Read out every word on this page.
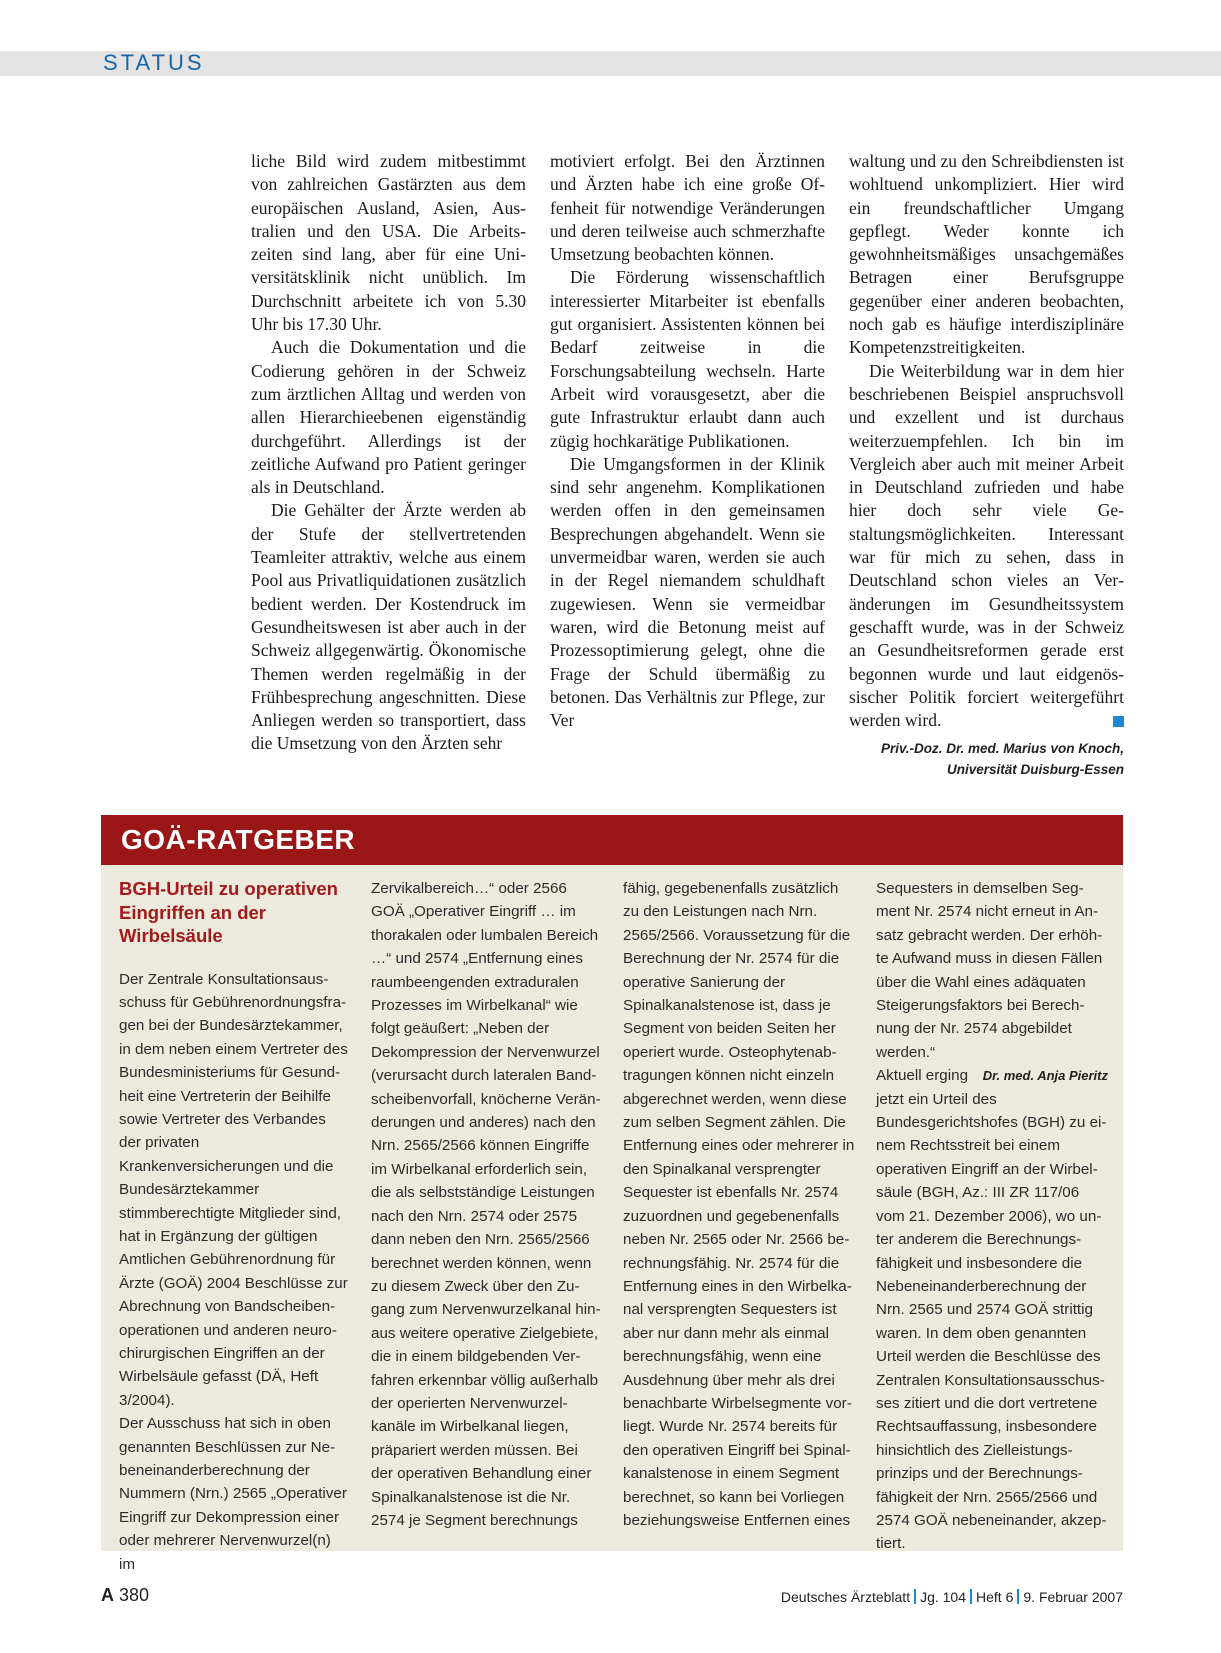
STATUS

liche Bild wird zudem mitbestimmt von zahlreichen Gastärzten aus dem europäischen Ausland, Asien, Australien und den USA. Die Arbeitszeiten sind lang, aber für eine Universitätsklinik nicht unüblich. Im Durchschnitt arbeitete ich von 5.30 Uhr bis 17.30 Uhr.

Auch die Dokumentation und die Codierung gehören in der Schweiz zum ärztlichen Alltag und werden von allen Hierarchieebenen eigenständig durchgeführt. Allerdings ist der zeitliche Aufwand pro Patient geringer als in Deutschland.

Die Gehälter der Ärzte werden ab der Stufe der stellvertretenden Teamleiter attraktiv, welche aus einem Pool aus Privatliquidationen zusätzlich bedient werden. Der Kostendruck im Gesundheitswesen ist aber auch in der Schweiz allgegenwärtig. Ökonomische Themen werden regelmäßig in der Frühbesprechung angeschnitten. Diese Anliegen werden so transportiert, dass die Umsetzung von den Ärzten sehr

motiviert erfolgt. Bei den Ärztinnen und Ärzten habe ich eine große Offenheit für notwendige Veränderungen und deren teilweise auch schmerzhafte Umsetzung beobachten können.

Die Förderung wissenschaftlich interessierter Mitarbeiter ist ebenfalls gut organisiert. Assistenten können bei Bedarf zeitweise in die Forschungsabteilung wechseln. Harte Arbeit wird vorausgesetzt, aber die gute Infrastruktur erlaubt dann auch zügig hochkarätige Publikationen.

Die Umgangsformen in der Klinik sind sehr angenehm. Komplikationen werden offen in den gemeinsamen Besprechungen abgehandelt. Wenn sie unvermeidbar waren, werden sie auch in der Regel niemandem schuldhaft zugewiesen. Wenn sie vermeidbar waren, wird die Betonung meist auf Prozessoptimierung gelegt, ohne die Frage der Schuld übermäßig zu betonen. Das Verhältnis zur Pflege, zur Ver

waltung und zu den Schreibdiensten ist wohltuend unkompliziert. Hier wird ein freundschaftlicher Umgang gepflegt. Weder konnte ich gewohnheitsmäßiges unsachgemäßes Betragen einer Berufsgruppe gegenüber einer anderen beobachten, noch gab es häufige interdisziplinäre Kompetenzstreitigkeiten.

Die Weiterbildung war in dem hier beschriebenen Beispiel anspruchsvoll und exzellent und ist durchaus weiterzuempfehlen. Ich bin im Vergleich aber auch mit meiner Arbeit in Deutschland zufrieden und habe hier doch sehr viele Gestaltungsmöglichkeiten. Interessant war für mich zu sehen, dass in Deutschland schon vieles an Veränderungen im Gesundheitssystem geschafft wurde, was in der Schweiz an Gesundheitsreformen gerade erst begonnen wurde und laut eidgenössischer Politik forciert weitergeführt werden wird.

Priv.-Doz. Dr. med. Marius von Knoch,
Universität Duisburg-Essen
GOÄ-RATGEBER
BGH-Urteil zu operativen Eingriffen an der Wirbelsäule

Der Zentrale Konsultationsausschuss für Gebührenordnungsfragen bei der Bundesärztekammer, in dem neben einem Vertreter des Bundesministeriums für Gesundheit eine Vertreterin der Beihilfe sowie Vertreter des Verbandes der privaten Krankenversicherungen und die Bundesärztekammer stimmberechtigte Mitglieder sind, hat in Ergänzung der gültigen Amtlichen Gebührenordnung für Ärzte (GOÄ) 2004 Beschlüsse zur Abrechnung von Bandscheibenoperationen und anderen neurochirurgischen Eingriffen an der Wirbelsäule gefasst (DÄ, Heft 3/2004).

Der Ausschuss hat sich in oben genannten Beschlüssen zur Nebeneinanderberechnung der Nummern (Nrn.) 2565 „Operativer Eingriff zur Dekompression einer oder mehrerer Nervenwurzel(n) im

Zervikalbereich…“ oder 2566 GOÄ „Operativer Eingriff … im thorakalen oder lumbalen Bereich …“ und 2574 „Entfernung eines raumbeengenden extraduralen Prozesses im Wirbelkanal“ wie folgt geäußert: „Neben der Dekompression der Nervenwurzel (verursacht durch lateralen Bandscheibenvorfall, knöcherne Veränderungen und anderes) nach den Nrn. 2565/2566 können Eingriffe im Wirbelkanal erforderlich sein, die als selbstständige Leistungen nach den Nrn. 2574 oder 2575 dann neben den Nrn. 2565/2566 berechnet werden können, wenn zu diesem Zweck über den Zugang zum Nervenwurzelkanal hinaus weitere operative Zielgebiete, die in einem bildgebenden Verfahren erkennbar völlig außerhalb der operierten Nervenwurzelkanäle im Wirbelkanal liegen, präpariert werden müssen. Bei der operativen Behandlung einer Spinalkanalstenose ist die Nr. 2574 je Segment berechnungs

fähig, gegebenenfalls zusätzlich zu den Leistungen nach Nrn. 2565/2566. Voraussetzung für die Berechnung der Nr. 2574 für die operative Sanierung der Spinalkanalstenose ist, dass je Segment von beiden Seiten her operiert wurde. Osteophytenabtragungen können nicht einzeln abgerechnet werden, wenn diese zum selben Segment zählen. Die Entfernung eines oder mehrerer in den Spinalkanal versprengter Sequester ist ebenfalls Nr. 2574 zuzuordnen und gegebenenfalls neben Nr. 2565 oder Nr. 2566 berechnungsfähig. Nr. 2574 für die Entfernung eines in den Wirbelkanal versprengten Sequesters ist aber nur dann mehr als einmal berechnungsfähig, wenn eine Ausdehnung über mehr als drei benachbarte Wirbelsegmente vorliegt. Wurde Nr. 2574 bereits für den operativen Eingriff bei Spinalkanalstenose in einem Segment berechnet, so kann bei Vorliegen beziehungsweise Entfernen eines

Sequesters in demselben Segment Nr. 2574 nicht erneut in Ansatz gebracht werden. Der erhöhte Aufwand muss in diesen Fällen über die Wahl eines adäquaten Steigerungsfaktors bei Berechnung der Nr. 2574 abgebildet werden.“

Dr. med. Anja Pieritz
Aktuell erging jetzt ein Urteil des Bundesgerichtshofes (BGH) zu einem Rechtsstreit bei einem operativen Eingriff an der Wirbelsäule (BGH, Az.: III ZR 117/06 vom 21. Dezember 2006), wo unter anderem die Berechnungsfähigkeit und insbesondere die Nebeneinanderberechnung der Nrn. 2565 und 2574 GOÄ strittig waren. In dem oben genannten Urteil werden die Beschlüsse des Zentralen Konsultationsausschusses zitiert und die dort vertretene Rechtsauffassung, insbesondere hinsichtlich des Zielleistungsprinzips und der Berechnungsfähigkeit der Nrn. 2565/2566 und 2574 GOÄ nebeneinander, akzeptiert.

A 380	Deutsches Ärzteblatt Jg. 104 Heft 6 9. Februar 2007
